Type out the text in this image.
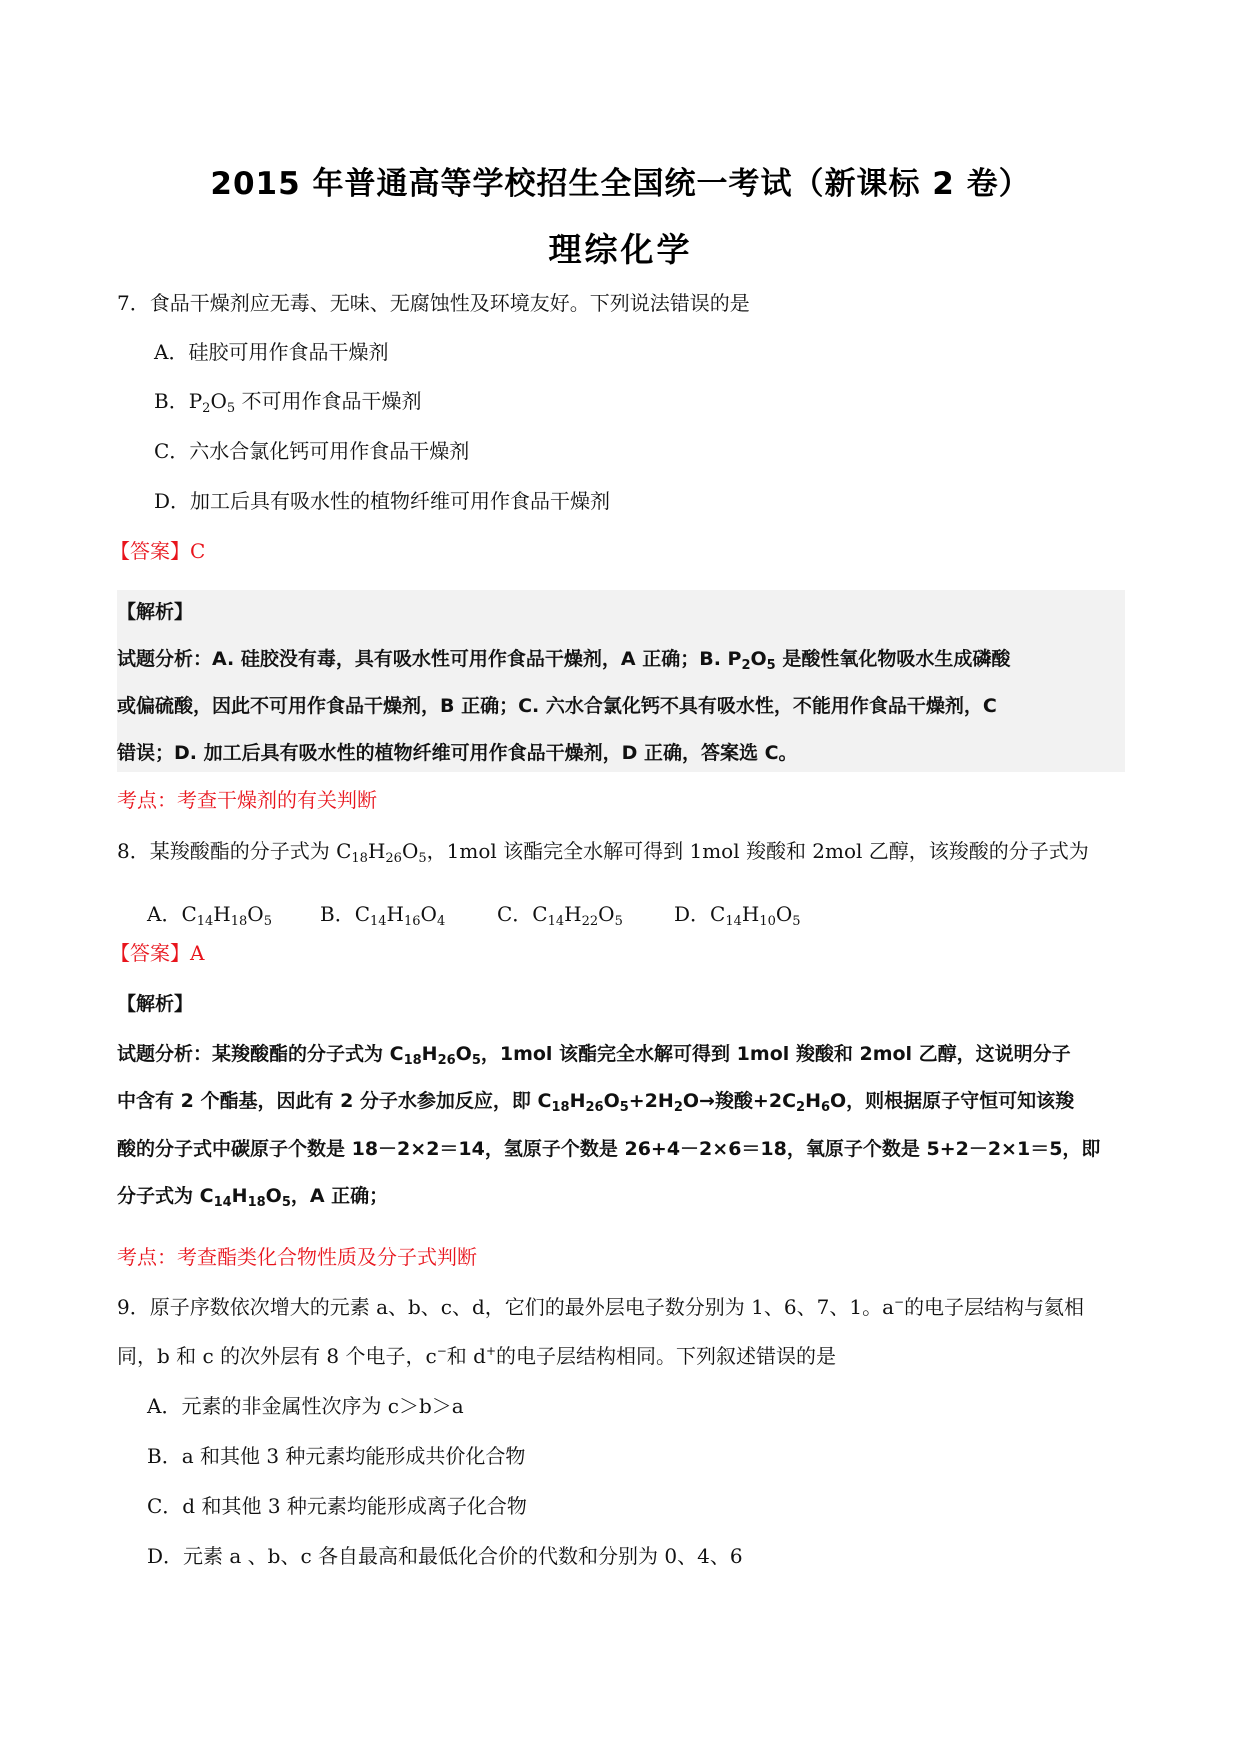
2015 年普通高等学校招生全国统一考试（新课标 2 卷）
理综化学
7．食品干燥剂应无毒、无味、无腐蚀性及环境友好。下列说法错误的是
A．硅胶可用作食品干燥剂
B．$P_2O_5$ 不可用作食品干燥剂
C．六水合氯化钙可用作食品干燥剂
D．加工后具有吸水性的植物纤维可用作食品干燥剂
【答案】C
【解析】
试题分析：A. 硅胶没有毒，具有吸水性可用作食品干燥剂，A 正确；B. $P_2O_5$ 是酸性氧化物吸水生成磷酸
或偏硫酸，因此不可用作食品干燥剂，B 正确；C. 六水合氯化钙不具有吸水性，不能用作食品干燥剂，C
错误；D. 加工后具有吸水性的植物纤维可用作食品干燥剂，D 正确，答案选 C。
考点：考查干燥剂的有关判断
8．某羧酸酯的分子式为 $C_{18}H_{26}O_5$，1mol 该酯完全水解可得到 1mol 羧酸和 2mol 乙醇，该羧酸的分子式为
A．$C_{14}H_{18}O_5$ B．$C_{14}H_{16}O_4$	C．$C_{14}H_{22}O_5$	D．$C_{14}H_{10}O_5$
【答案】A
【解析】
试题分析：某羧酸酯的分子式为 $C_{18}H_{26}O_5$，1mol 该酯完全水解可得到 1mol 羧酸和 2mol 乙醇，这说明分子
中含有 2 个酯基，因此有 2 分子水参加反应，即 $C_{18}H_{26}O_5+2H_2O\to$羧酸$+2C_2H_6O$，则根据原子守恒可知该羧
酸的分子式中碳原子个数是 18－2×2＝14，氢原子个数是 26+4－2×6＝18，氧原子个数是 5+2－2×1＝5，即
分子式为 $C_{14}H_{18}O_5$，A 正确；
考点：考查酯类化合物性质及分子式判断
9．原子序数依次增大的元素 a、b、c、d，它们的最外层电子数分别为 1、6、7、1。a−的电子层结构与氦相
同，b 和 c 的次外层有 8 个电子，c−和 d+的电子层结构相同。下列叙述错误的是
A．元素的非金属性次序为 c＞b＞a
B．a 和其他 3 种元素均能形成共价化合物
C．d 和其他 3 种元素均能形成离子化合物
D．元素 a 、b、c 各自最高和最低化合价的代数和分别为 0、4、6
